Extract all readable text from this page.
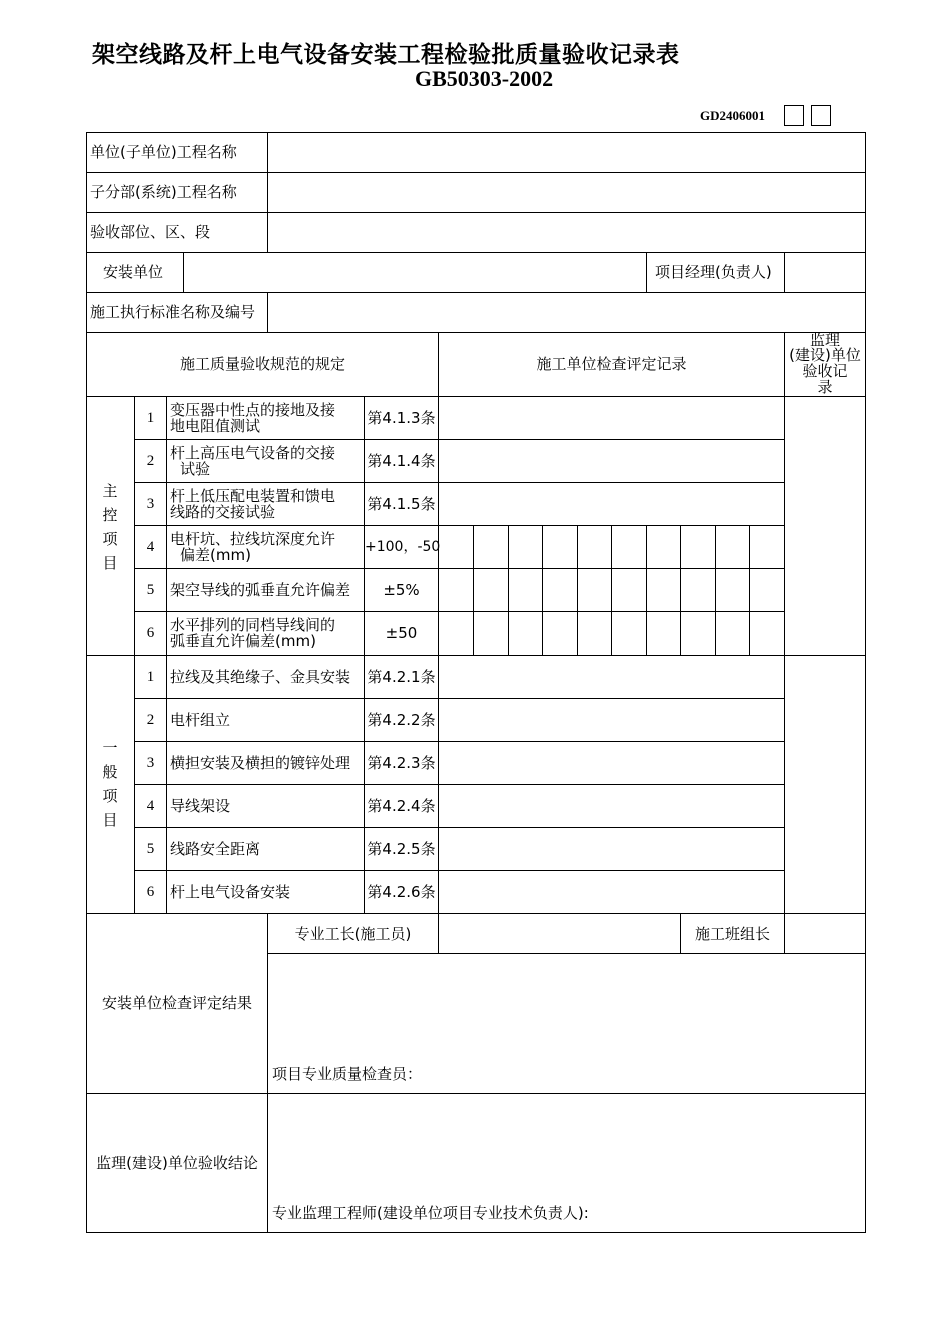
架空线路及杆上电气设备安装工程检验批质量验收记录表
GB50303-2002
GD2406001
单位(子单位)工程名称
子分部(系统)工程名称
验收部位、区、段
安装单位	项目经理(负责人)
施工执行标准名称及编号
施工质量验收规范的规定	施工单位检查评定记录
监理
(建设)单位
验收记
录
主
控
项
目
1	变压器中性点的接地及接
地电阻值测试	第4.1.3条
2	杆上高压电气设备的交接
试验	第4.1.4条
3	杆上低压配电装置和馈电
线路的交接试验	第4.1.5条
4	电杆坑、拉线坑深度允许
偏差(mm)	+100，-50
5	架空导线的弧垂直允许偏差	±5%
6	水平排列的同档导线间的
弧垂直允许偏差(mm)	±50
一
般
项
目
1	拉线及其绝缘子、金具安装 第4.2.1条
2	电杆组立	第4.2.2条
3	横担安装及横担的镀锌处理 第4.2.3条
4	导线架设	第4.2.4条
5	线路安全距离	第4.2.5条
6	杆上电气设备安装	第4.2.6条
专业工长(施工员)	施工班组长
安装单位检查评定结果
项目专业质量检查员：
监理(建设)单位验收结论
专业监理工程师(建设单位项目专业技术负责人):
